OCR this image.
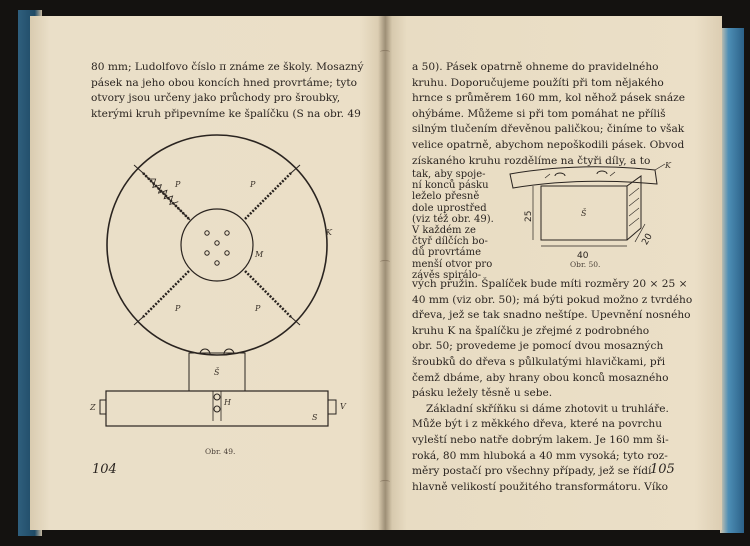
80 mm; Ludolfovo číslo π známe ze školy. Mosazný
pásek na jeho obou koncích hned provrtáme; tyto
otvory jsou určeny jako průchody pro šroubky,
kterými kruh připevníme ke špalíčku (S na obr. 49
P	P
P	P
K
M
Š
S
H
Z	V
Obr. 49.
104
a 50). Pásek opatrně ohneme do pravidelného
kruhu. Doporučujeme použíti při tom nějakého
hrnce s průměrem 160 mm, kol něhož pásek snáze
ohýbáme. Můžeme si při tom pomáhat ne příliš
silným tlučením dřevěnou paličkou; činíme to však
velice opatrně, abychom nepoškodili pásek. Obvod
získaného kruhu rozdělíme na čtyři díly, a to
tak, aby spoje-
ní konců pásku
leželo přesně
dole uprostřed
(viz též obr. 49).
V každém ze
čtyř dílčích bo-
dů provrtáme
menší otvor pro
závěs spirálo-
K
Š
25
40
20
Obr. 50.
vých pružin. Špalíček bude míti rozměry 20 × 25 ×
40 mm (viz obr. 50); má býti pokud možno z tvrdého
dřeva, jež se tak snadno neštípe. Upevnění nosného
kruhu K na špalíčku je zřejmé z podrobného
obr. 50; provedeme je pomocí dvou mosazných
šroubků do dřeva s půlkulatými hlavičkami, při
čemž dbáme, aby hrany obou konců mosazného
pásku ležely těsně u sebe.
Základní skříňku si dáme zhotovit u truhláře.
Může být i z měkkého dřeva, které na povrchu
vyleští nebo natře dobrým lakem. Je 160 mm ši-
roká, 80 mm hluboká a 40 mm vysoká; tyto roz-
měry postačí pro všechny případy, jež se řídí
hlavně velikostí použitého transformátoru. Víko
105
